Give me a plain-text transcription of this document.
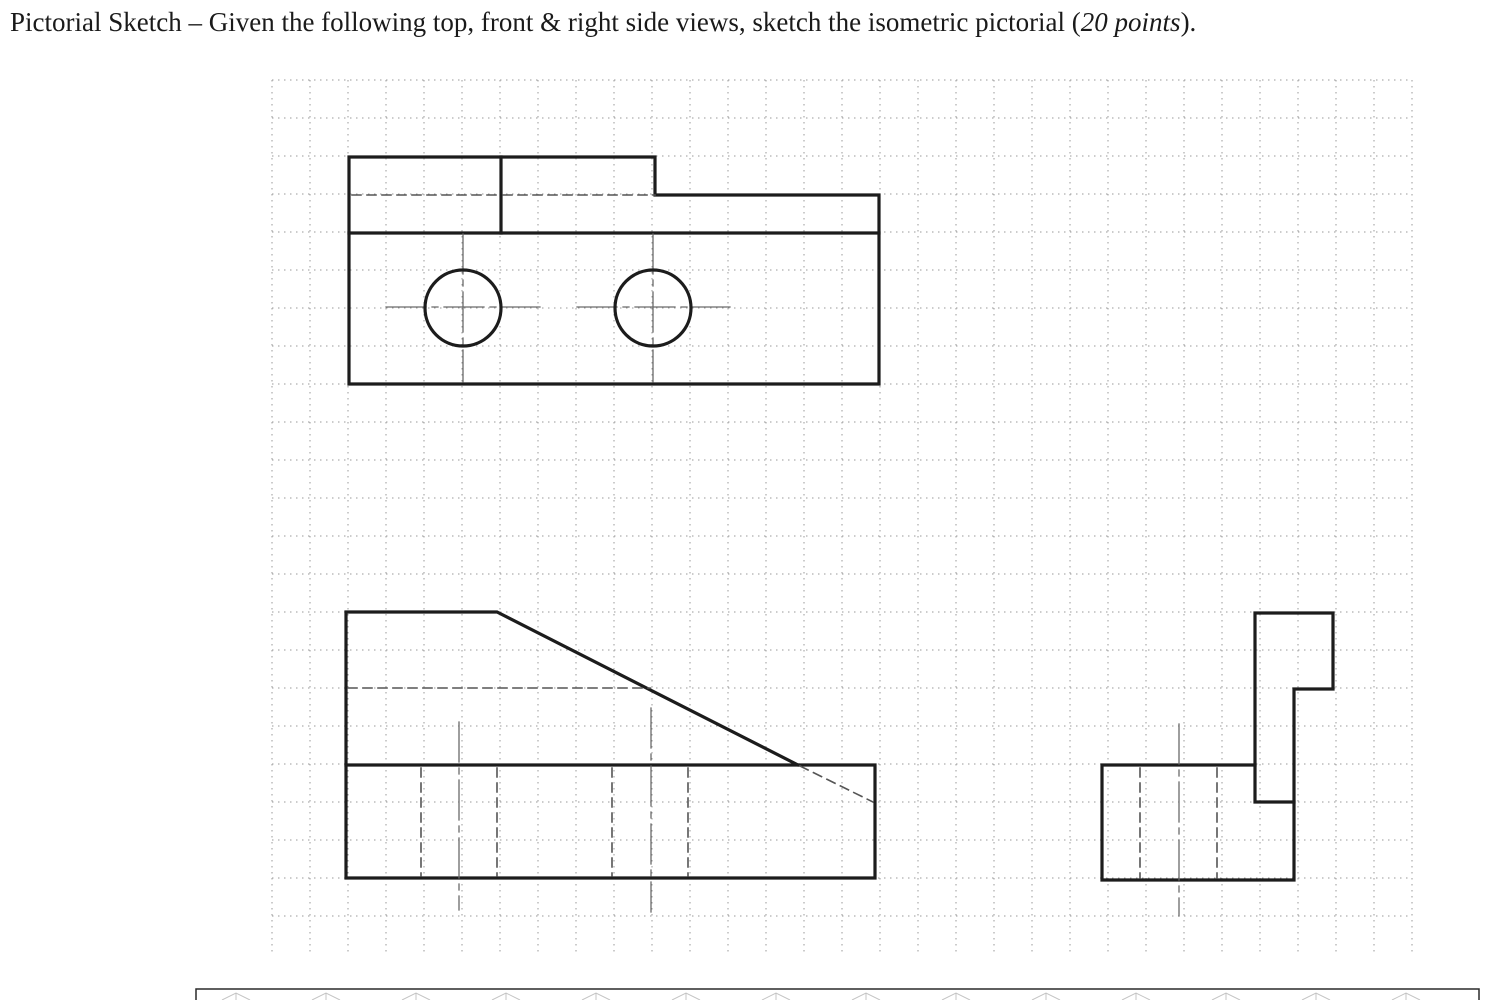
Pictorial Sketch – Given the following top, front & right side views, sketch the isometric pictorial (20 points).
